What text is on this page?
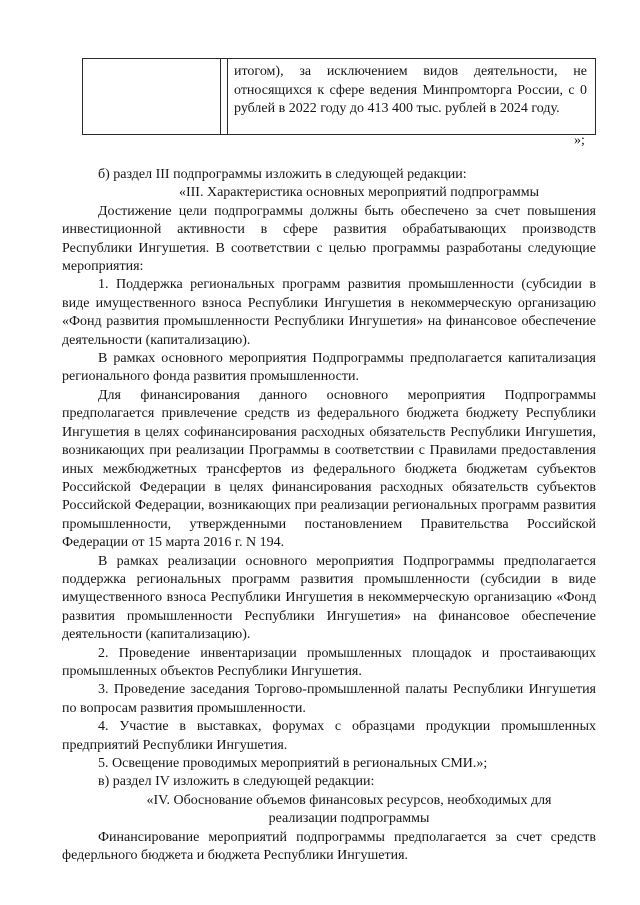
итогом), за исключением видов деятельности, не относящихся к сфере ведения Минпромторга России, с 0 рублей в 2022 году до 413 400 тыс. рублей в 2024 году.
»;

б) раздел III подпрограммы изложить в следующей редакции:

«III. Характеристика основных мероприятий подпрограммы

Достижение цели подпрограммы должны быть обеспечено за счет повышения инвестиционной активности в сфере развития обрабатывающих производств Республики Ингушетия. В соответствии с целью программы разработаны следующие мероприятия:

1. Поддержка региональных программ развития промышленности (субсидии в виде имущественного взноса Республики Ингушетия в некоммерческую организацию «Фонд развития промышленности Республики Ингушетия» на финансовое обеспечение деятельности (капитализацию).

В рамках основного мероприятия Подпрограммы предполагается капитализация регионального фонда развития промышленности.

Для финансирования данного основного мероприятия Подпрограммы предполагается привлечение средств из федерального бюджета бюджету Республики Ингушетия в целях софинансирования расходных обязательств Республики Ингушетия, возникающих при реализации Программы в соответствии с Правилами предоставления иных межбюджетных трансфертов из федерального бюджета бюджетам субъектов Российской Федерации в целях финансирования расходных обязательств субъектов Российской Федерации, возникающих при реализации региональных программ развития промышленности, утвержденными постановлением Правительства Российской Федерации от 15 марта 2016 г. N 194.

В рамках реализации основного мероприятия Подпрограммы предполагается поддержка региональных программ развития промышленности (субсидии в виде имущественного взноса Республики Ингушетия в некоммерческую организацию «Фонд развития промышленности Республики Ингушетия» на финансовое обеспечение деятельности (капитализацию).

2. Проведение инвентаризации промышленных площадок и простаивающих промышленных объектов Республики Ингушетия.

3. Проведение заседания Торгово-промышленной палаты Республики Ингушетия по вопросам развития промышленности.

4. Участие в выставках, форумах с образцами продукции промышленных предприятий Республики Ингушетия.

5. Освещение проводимых мероприятий в региональных СМИ.»;

в) раздел IV изложить в следующей редакции:

«IV. Обоснование объемов финансовых ресурсов, необходимых для

реализации подпрограммы

Финансирование мероприятий подпрограммы предполагается за счет средств федерльного бюджета и бюджета Республики Ингушетия.
